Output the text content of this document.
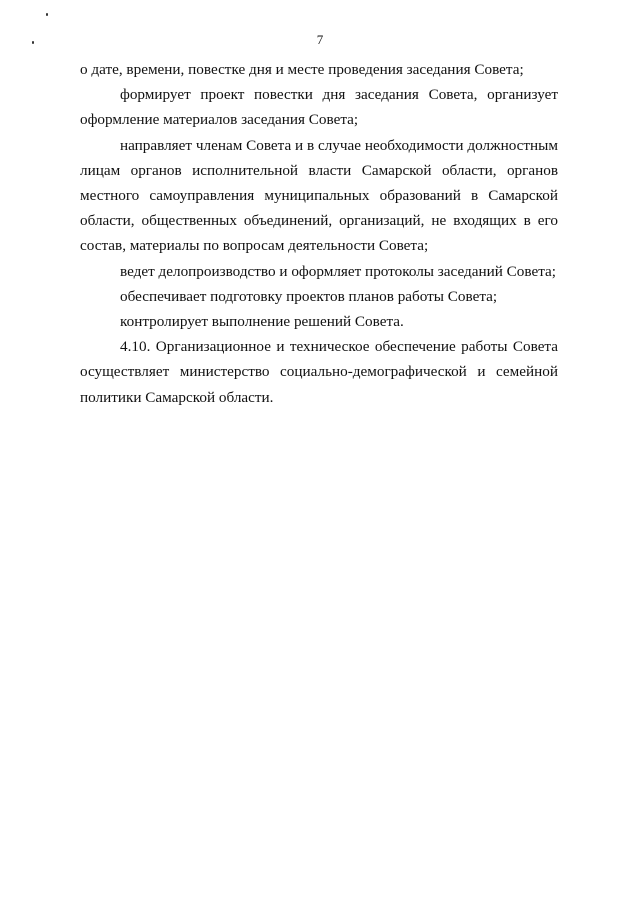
7

о дате, времени, повестке дня и месте проведения заседания Совета;

формирует проект повестки дня заседания Совета, организует оформление материалов заседания Совета;

направляет членам Совета и в случае необходимости должностным лицам органов исполнительной власти Самарской области, органов местного самоуправления муниципальных образований в Самарской области, общественных объединений, организаций, не входящих в его состав, материалы по вопросам деятельности Совета;

ведет делопроизводство и оформляет протоколы заседаний Совета;

обеспечивает подготовку проектов планов работы Совета;

контролирует выполнение решений Совета.

4.10. Организационное и техническое обеспечение работы Совета осуществляет министерство социально-демографической и семейной политики Самарской области.
